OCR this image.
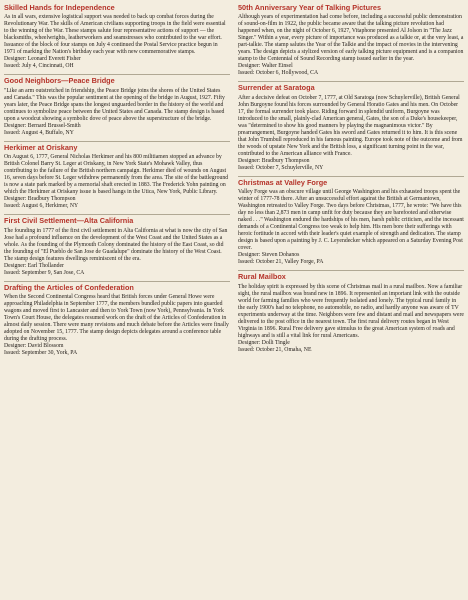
Skilled Hands for Independence

As in all wars, extensive logistical support was needed to back up combat forces during the Revolutionary War. The skills of American civilians supporting troops in the field were essential to the winning of the War. These stamps salute four representative actions of support — the blacksmiths, wheelwrights, leatherworkers and seamstresses who contributed to the war effort. Issuance of the block of four stamps on July 4 continued the Postal Service practice begun in 1971 of marking the Nation's birthday each year with new commemorative stamps.

Designer: Leonard Everett Fisher

Issued: July 4, Cincinnati, OH

Good Neighbors—Peace Bridge

"Like an arm outstretched in friendship, the Peace Bridge joins the shores of the United States and Canada." This was the popular sentiment at the opening of the bridge in August, 1927. Fifty years later, the Peace Bridge spans the longest unguarded border in the history of the world and continues to symbolize peace between the United States and Canada. The stamp design is based upon a woodcut showing a symbolic dove of peace above the superstructure of the bridge.

Designer: Bernard Brussel-Smith

Issued: August 4, Buffalo, NY

Herkimer at Oriskany

On August 6, 1777, General Nicholas Herkimer and his 800 militiamen stopped an advance by British Colonel Barry St. Leger at Oriskany, in New York State's Mohawk Valley, thus contributing to the failure of the British northern campaign. Herkimer died of wounds on August 16, seven days before St. Leger withdrew permanently from the area. The site of the battleground is now a state park marked by a memorial shaft erected in 1883. The Frederick Yohn painting on which the Herkimer at Oriskany issue is based hangs in the Utica, New York, Public Library.

Designer: Bradbury Thompson

Issued: August 6, Herkimer, NY

First Civil Settlement—Alta California

The founding in 1777 of the first civil settlement in Alta California at what is now the city of San Jose had a profound influence on the development of the West Coast and the United States as a whole. As the founding of the Plymouth Colony dominated the history of the East Coast, so did the founding of "El Pueblo de San Jose de Guadalupe" dominate the history of the West Coast. The stamp design features dwellings reminiscent of the era.

Designer: Earl Thollander

Issued: September 9, San Jose, CA

Drafting the Articles of Confederation

When the Second Continental Congress heard that British forces under General Howe were approaching Philadelphia in September 1777, the members bundled public papers into guarded wagons and moved first to Lancaster and then to York Town (now York), Pennsylvania. In York Town's Court House, the delegates resumed work on the draft of the Articles of Confederation in almost daily session. There were many revisions and much debate before the Articles were finally adopted on November 15, 1777. The stamp design depicts delegates around a conference table during the drafting process.

Designer: David Blossom

Issued: September 30, York, PA

50th Anniversary Year of Talking Pictures

Although years of experimentation had come before, including a successful public demonstration of sound-on-film in 1922, the public became aware that the talking picture revolution had happened when, on the night of October 6, 1927, Vitaphone presented Al Jolson in "The Jazz Singer." Within a year, every picture of importance was produced as a talkie or, at the very least, a part-talkie. The stamp salutes the Year of the Talkie and the impact of movies in the intervening years. The design depicts a stylized version of early talking picture equipment and is a companion stamp to the Centennial of Sound Recording stamp issued earlier in the year.

Designer: Walter Einsel

Issued: October 6, Hollywood, CA

Surrender at Saratoga

After a decisive defeat on October 7, 1777, at Old Saratoga (now Schuylerville), British General John Burgoyne found his forces surrounded by General Horatio Gates and his men. On October 17, the formal surrender took place. Riding forward in splendid uniform, Burgoyne was introduced to the small, plainly-clad American general, Gates, the son of a Duke's housekeeper, was "determined to show his good manners by playing the magnanimous victor." By prearrangement, Burgoyne handed Gates his sword and Gates returned it to him. It is this scene that John Trumbull reproduced in his famous painting. Europe took note of the outcome and from the woods of upstate New York and the British loss, a significant turning point in the war, contributed to the American alliance with France.

Designer: Bradbury Thompson

Issued: October 7, Schuylerville, NY

Christmas at Valley Forge

Valley Forge was an obscure village until George Washington and his exhausted troops spent the winter of 1777-78 there. After an unsuccessful effort against the British at Germantown, Washington retreated to Valley Forge. Two days before Christmas, 1777, he wrote: "We have this day no less than 2,873 men in camp unfit for duty because they are barefooted and otherwise naked . . ." Washington endured the hardships of his men, harsh public criticism, and the incessant demands of a Continental Congress too weak to help him. His men bore their sufferings with heroic fortitude in accord with their leader's quiet example of strength and dedication. The stamp design is based upon a painting by J. C. Leyendecker which appeared on a Saturday Evening Post cover.

Designer: Steven Dohanos

Issued: October 21, Valley Forge, PA

Rural Mailbox

The holiday spirit is expressed by this scene of Christmas mail in a rural mailbox. Now a familiar sight, the rural mailbox was brand new in 1896. It represented an important link with the outside world for farming families who were frequently isolated and lonely. The typical rural family in the early 1900's had no telephone, no automobile, no radio, and hardly anyone was aware of TV experiments underway at the time. Neighbors were few and distant and mail and newspapers were delivered to the post office in the nearest town. The first rural delivery routes began in West Virginia in 1896. Rural Free delivery gave stimulus to the great American system of roads and highways and is still a vital link for rural Americans.

Designer: Dolli Tingle

Issued: October 21, Omaha, NE
